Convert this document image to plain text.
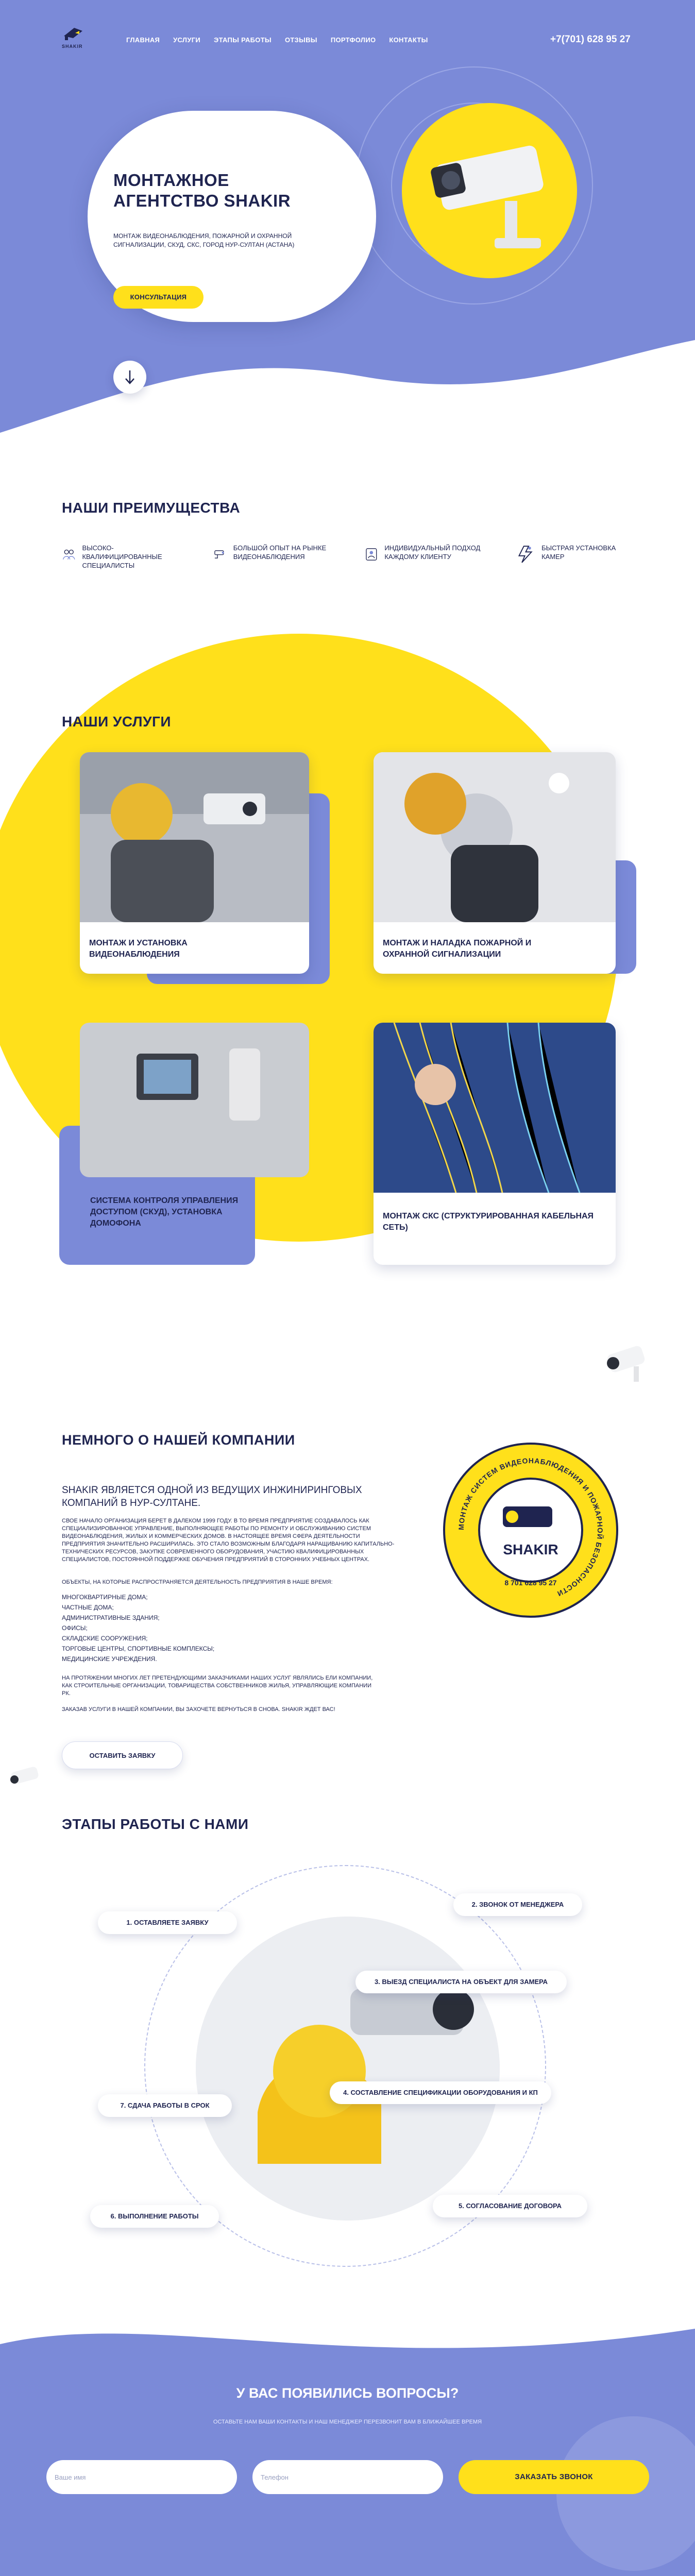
SHAKIR
ГЛАВНАЯ УСЛУГИ ЭТАПЫ РАБОТЫ ОТЗЫВЫ ПОРТФОЛИО КОНТАКТЫ	+7(701) 628 95 27
МОНТАЖНОЕ АГЕНТСТВО SHAKIR
МОНТАЖ ВИДЕОНАБЛЮДЕНИЯ, ПОЖАРНОЙ И ОХРАННОЙ СИГНАЛИЗАЦИИ, СКУД, СКС, ГОРОД НУР-СУЛТАН (АСТАНА)
КОНСУЛЬТАЦИЯ
НАШИ ПРЕИМУЩЕСТВА
ВЫСОКО-КВАЛИФИЦИРОВАННЫЕ СПЕЦИАЛИСТЫ
БОЛЬШОЙ ОПЫТ НА РЫНКЕ ВИДЕОНАБЛЮДЕНИЯ
ИНДИВИДУАЛЬНЫЙ ПОДХОД КАЖДОМУ КЛИЕНТУ
БЫСТРАЯ УСТАНОВКА КАМЕР
НАШИ УСЛУГИ
МОНТАЖ И УСТАНОВКА ВИДЕОНАБЛЮДЕНИЯ
МОНТАЖ И НАЛАДКА ПОЖАРНОЙ И ОХРАННОЙ СИГНАЛИЗАЦИИ
СИСТЕМА КОНТРОЛЯ УПРАВЛЕНИЯ ДОСТУПОМ (СКУД), УСТАНОВКА ДОМОФОНА
МОНТАЖ СКС (СТРУКТУРИРОВАННАЯ КАБЕЛЬНАЯ СЕТЬ)
НЕМНОГО О НАШЕЙ КОМПАНИИ
SHAKIR ЯВЛЯЕТСЯ ОДНОЙ ИЗ ВЕДУЩИХ ИНЖИНИРИНГОВЫХ КОМПАНИЙ В НУР-СУЛТАНЕ.
СВОЕ НАЧАЛО ОРГАНИЗАЦИЯ БЕРЕТ В ДАЛЕКОМ 1999 ГОДУ. В ТО ВРЕМЯ ПРЕДПРИЯТИЕ СОЗДАВАЛОСЬ КАК СПЕЦИАЛИЗИРОВАННОЕ УПРАВЛЕНИЕ, ВЫПОЛНЯЮЩЕЕ РАБОТЫ ПО РЕМОНТУ И ОБСЛУЖИВАНИЮ СИСТЕМ ВИДЕОНАБЛЮДЕНИЯ, ЖИЛЫХ И КОММЕРЧЕСКИХ ДОМОВ. В НАСТОЯЩЕЕ ВРЕМЯ СФЕРА ДЕЯТЕЛЬНОСТИ ПРЕДПРИЯТИЯ ЗНАЧИТЕЛЬНО РАСШИРИЛАСЬ. ЭТО СТАЛО ВОЗМОЖНЫМ БЛАГОДАРЯ НАРАЩИВАНИЮ КАПИТАЛЬНО-ТЕХНИЧЕСКИХ РЕСУРСОВ, ЗАКУПКЕ СОВРЕМЕННОГО ОБОРУДОВАНИЯ, УЧАСТИЮ КВАЛИФИЦИРОВАННЫХ СПЕЦИАЛИСТОВ, ПОСТОЯННОЙ ПОДДЕРЖКЕ ОБУЧЕНИЯ ПРЕДПРИЯТИЙ В СТОРОННИХ УЧЕБНЫХ ЦЕНТРАХ.
ОБЪЕКТЫ, НА КОТОРЫЕ РАСПРОСТРАНЯЕТСЯ ДЕЯТЕЛЬНОСТЬ ПРЕДПРИЯТИЯ В НАШЕ ВРЕМЯ:
МНОГОКВАРТИРНЫЕ ДОМА;
ЧАСТНЫЕ ДОМА;
АДМИНИСТРАТИВНЫЕ ЗДАНИЯ;
ОФИСЫ;
СКЛАДСКИЕ СООРУЖЕНИЯ;
ТОРГОВЫЕ ЦЕНТРЫ, СПОРТИВНЫЕ КОМПЛЕКСЫ;
МЕДИЦИНСКИЕ УЧРЕЖДЕНИЯ.
НА ПРОТЯЖЕНИИ МНОГИХ ЛЕТ ПРЕТЕНДУЮЩИМИ ЗАКАЗЧИКАМИ НАШИХ УСЛУГ ЯВЛЯЛИСЬ ЕЛИ КОМПАНИИ, КАК СТРОИТЕЛЬНЫЕ ОРГАНИЗАЦИИ, ТОВАРИЩЕСТВА СОБСТВЕННИКОВ ЖИЛЬЯ, УПРАВЛЯЮЩИЕ КОМПАНИИ РК.
ЗАКАЗАВ УСЛУГИ В НАШЕЙ КОМПАНИИ, ВЫ ЗАХОЧЕТЕ ВЕРНУТЬСЯ В СНОВА. SHAKIR ЖДЕТ ВАС!
ОСТАВИТЬ ЗАЯВКУ
МОНТАЖ СИСТЕМ ВИДЕОНАБЛЮДЕНИЯ И ПОЖАРНОЙ БЕЗОПАСНОСТИ
SHAKIR
8 701 628 95 27
ЭТАПЫ РАБОТЫ С НАМИ
1. ОСТАВЛЯЕТЕ ЗАЯВКУ
2. ЗВОНОК ОТ МЕНЕДЖЕРА
3. ВЫЕЗД СПЕЦИАЛИСТА НА ОБЪЕКТ ДЛЯ ЗАМЕРА
4. СОСТАВЛЕНИЕ СПЕЦИФИКАЦИИ ОБОРУДОВАНИЯ И КП
5. СОГЛАСОВАНИЕ ДОГОВОРА
6. ВЫПОЛНЕНИЕ РАБОТЫ
7. СДАЧА РАБОТЫ В СРОК
У ВАС ПОЯВИЛИСЬ ВОПРОСЫ?
ОСТАВЬТЕ НАМ ВАШИ КОНТАКТЫ И НАШ МЕНЕДЖЕР ПЕРЕЗВОНИТ ВАМ В БЛИЖАЙШЕЕ ВРЕМЯ
Ваше имя	Телефон	ЗАКАЗАТЬ ЗВОНОК
